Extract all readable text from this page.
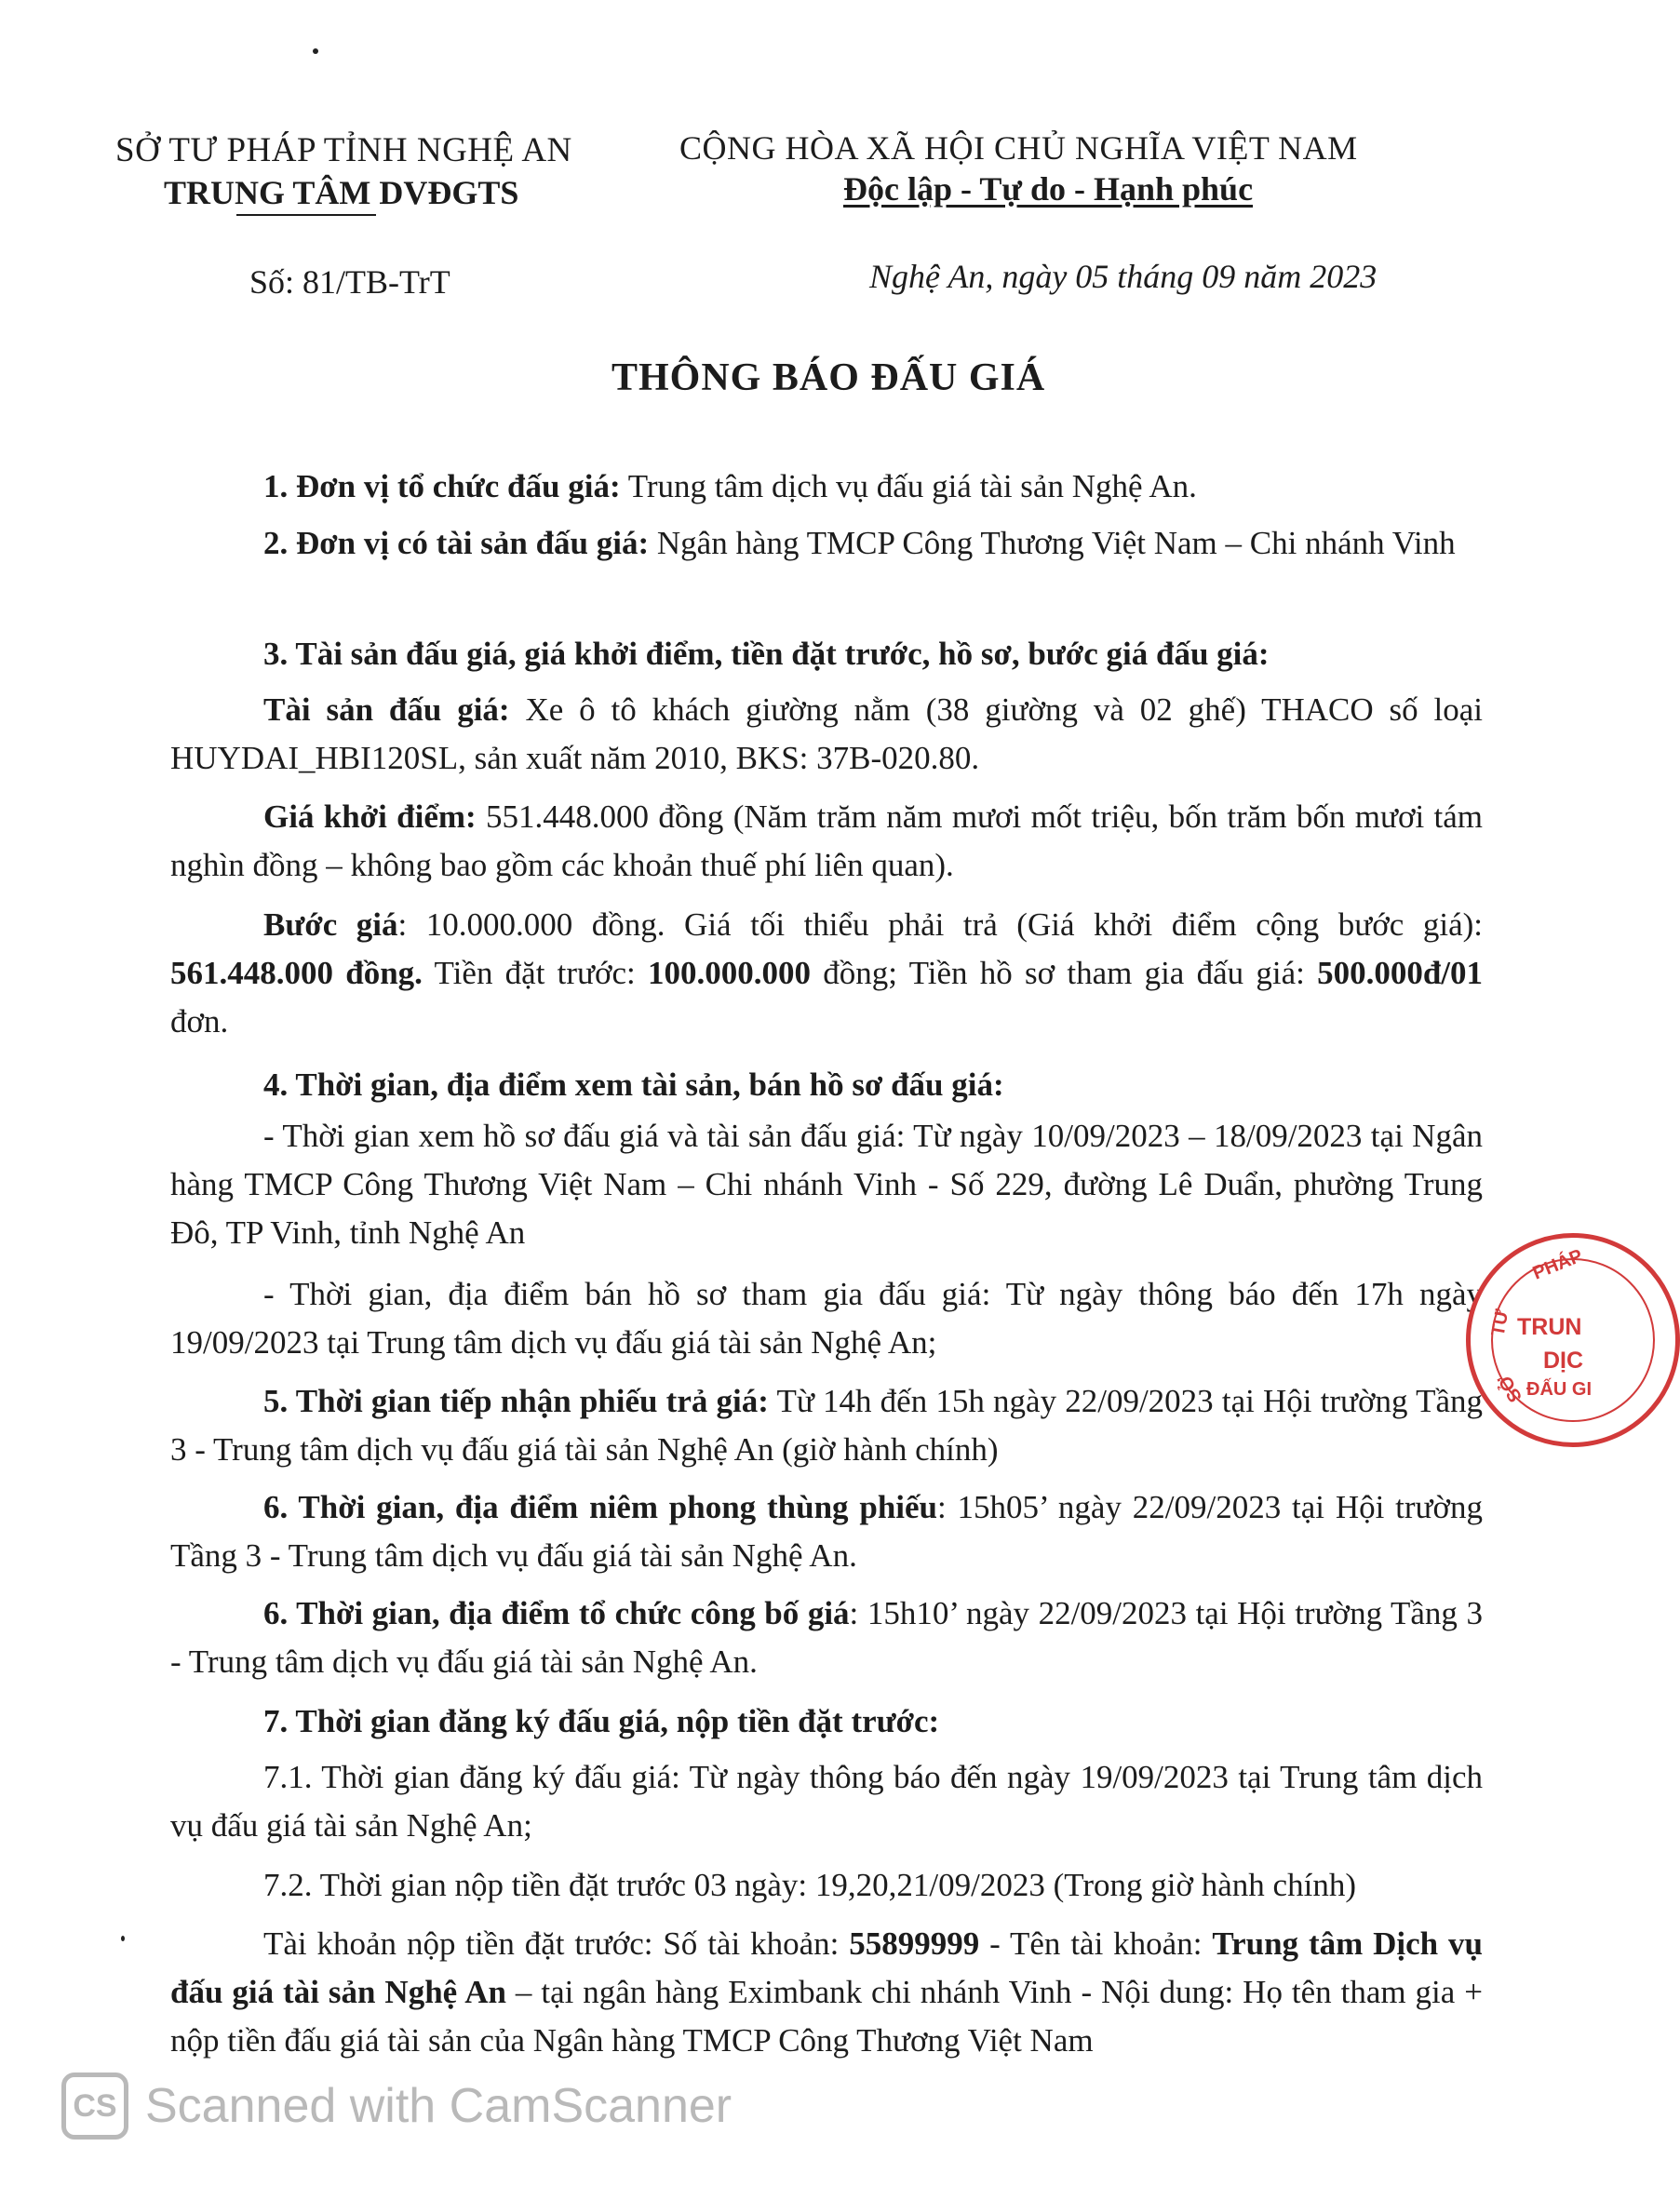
SỞ TƯ PHÁP TỈNH NGHỆ AN
TRUNG TÂM DVĐGTS
CỘNG HÒA XÃ HỘI CHỦ NGHĨA VIỆT NAM
Độc lập - Tự do - Hạnh phúc
Số: 81/TB-TrT	Nghệ An, ngày 05 tháng 09 năm 2023
THÔNG BÁO ĐẤU GIÁ
1. Đơn vị tổ chức đấu giá: Trung tâm dịch vụ đấu giá tài sản Nghệ An.
2. Đơn vị có tài sản đấu giá: Ngân hàng TMCP Công Thương Việt Nam – Chi nhánh Vinh
3. Tài sản đấu giá, giá khởi điểm, tiền đặt trước, hồ sơ, bước giá đấu giá:
Tài sản đấu giá: Xe ô tô khách giường nằm (38 giường và 02 ghế) THACO số loại HUYDAI_HBI120SL, sản xuất năm 2010, BKS: 37B-020.80.
Giá khởi điểm: 551.448.000 đồng (Năm trăm năm mươi mốt triệu, bốn trăm bốn mươi tám nghìn đồng – không bao gồm các khoản thuế phí liên quan).
Bước giá: 10.000.000 đồng. Giá tối thiểu phải trả (Giá khởi điểm cộng bước giá): 561.448.000 đồng. Tiền đặt trước: 100.000.000 đồng; Tiền hồ sơ tham gia đấu giá: 500.000đ/01 đơn.
4. Thời gian, địa điểm xem tài sản, bán hồ sơ đấu giá:
- Thời gian xem hồ sơ đấu giá và tài sản đấu giá: Từ ngày 10/09/2023 – 18/09/2023 tại Ngân hàng TMCP Công Thương Việt Nam – Chi nhánh Vinh - Số 229, đường Lê Duẩn, phường Trung Đô, TP Vinh, tỉnh Nghệ An
- Thời gian, địa điểm bán hồ sơ tham gia đấu giá: Từ ngày thông báo đến 17h ngày 19/09/2023 tại Trung tâm dịch vụ đấu giá tài sản Nghệ An;
5. Thời gian tiếp nhận phiếu trả giá: Từ 14h đến 15h ngày 22/09/2023 tại Hội trường Tầng 3 - Trung tâm dịch vụ đấu giá tài sản Nghệ An (giờ hành chính)
6. Thời gian, địa điểm niêm phong thùng phiếu: 15h05’ ngày 22/09/2023 tại Hội trường Tầng 3 - Trung tâm dịch vụ đấu giá tài sản Nghệ An.
6. Thời gian, địa điểm tổ chức công bố giá: 15h10’ ngày 22/09/2023 tại Hội trường Tầng 3 - Trung tâm dịch vụ đấu giá tài sản Nghệ An.
7. Thời gian đăng ký đấu giá, nộp tiền đặt trước:
7.1. Thời gian đăng ký đấu giá: Từ ngày thông báo đến ngày 19/09/2023 tại Trung tâm dịch vụ đấu giá tài sản Nghệ An;
7.2. Thời gian nộp tiền đặt trước 03 ngày: 19,20,21/09/2023 (Trong giờ hành chính)
Tài khoản nộp tiền đặt trước: Số tài khoản: 55899999 - Tên tài khoản: Trung tâm Dịch vụ đấu giá tài sản Nghệ An – tại ngân hàng Eximbank chi nhánh Vinh - Nội dung: Họ tên tham gia + nộp tiền đấu giá tài sản của Ngân hàng TMCP Công Thương Việt Nam
PHÁP
TƯ
SỞ
TRUN
DỊC
ĐẤU GI
CS Scanned with CamScanner
